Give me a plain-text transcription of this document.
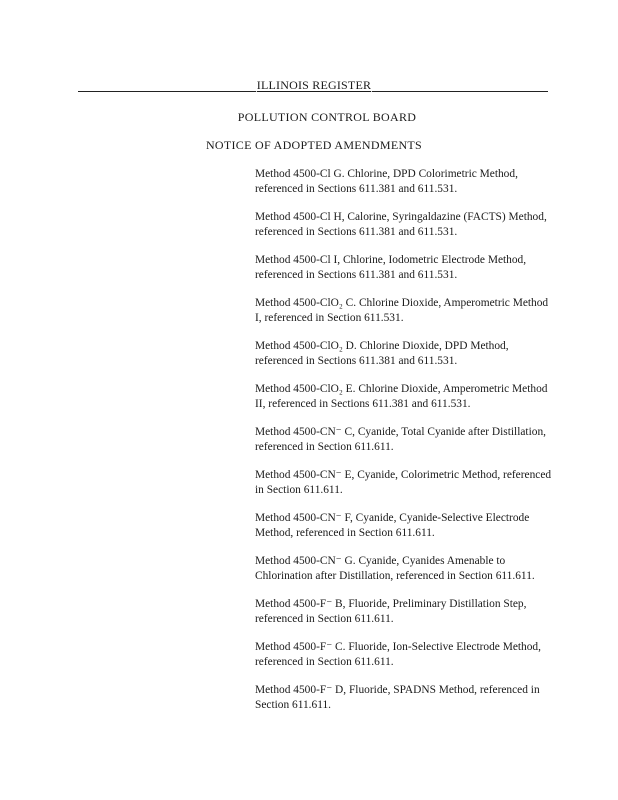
ILLINOIS REGISTER
POLLUTION CONTROL BOARD
NOTICE OF ADOPTED AMENDMENTS
Method 4500-Cl G. Chlorine, DPD Colorimetric Method, referenced in Sections 611.381 and 611.531.
Method 4500-Cl H, Calorine, Syringaldazine (FACTS) Method, referenced in Sections 611.381 and 611.531.
Method 4500-Cl I, Chlorine, Iodometric Electrode Method, referenced in Sections 611.381 and 611.531.
Method 4500-ClO₂ C. Chlorine Dioxide, Amperometric Method I, referenced in Section 611.531.
Method 4500-ClO₂ D. Chlorine Dioxide, DPD Method, referenced in Sections 611.381 and 611.531.
Method 4500-ClO₂ E. Chlorine Dioxide, Amperometric Method II, referenced in Sections 611.381 and 611.531.
Method 4500-CN⁻ C, Cyanide, Total Cyanide after Distillation, referenced in Section 611.611.
Method 4500-CN⁻ E, Cyanide, Colorimetric Method, referenced in Section 611.611.
Method 4500-CN⁻ F, Cyanide, Cyanide-Selective Electrode Method, referenced in Section 611.611.
Method 4500-CN⁻ G. Cyanide, Cyanides Amenable to Chlorination after Distillation, referenced in Section 611.611.
Method 4500-F⁻ B, Fluoride, Preliminary Distillation Step, referenced in Section 611.611.
Method 4500-F⁻ C. Fluoride, Ion-Selective Electrode Method, referenced in Section 611.611.
Method 4500-F⁻ D, Fluoride, SPADNS Method, referenced in Section 611.611.
